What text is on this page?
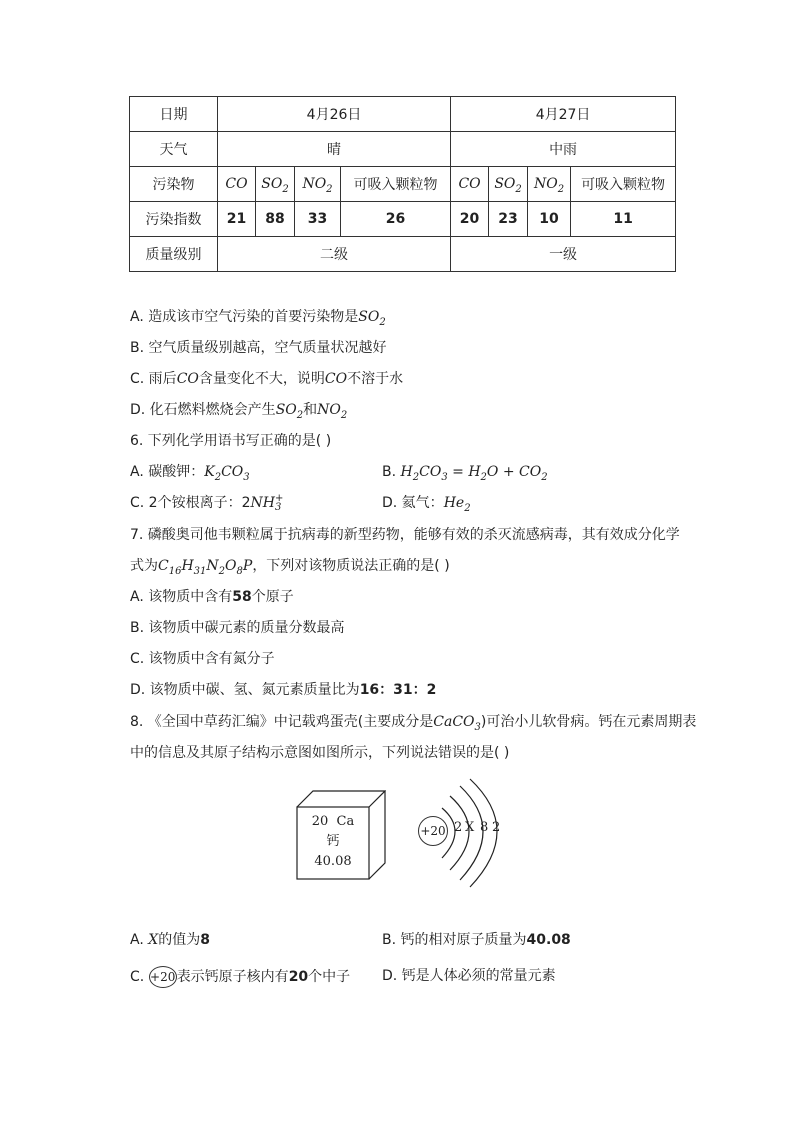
日期	4月26日				4月27日			
天气	晴				中雨			
污染物	CO	$SO_2$	$NO_2$	可吸入颗粒物	CO	$SO_2$	$NO_2$	可吸入颗粒物
污染指数	21	88	33	26	20	23	10	11
质量级别	二级				一级			
A. 造成该市空气污染的首要污染物是$SO_2$
B. 空气质量级别越高，空气质量状况越好
C. 雨后CO含量变化不大，说明CO不溶于水
D. 化石燃料燃烧会产生$SO_2$和$NO_2$
6. 下列化学用语书写正确的是( )
A. 碳酸钾：$K_2CO_3$	B. $H_2CO_3 = H_2O + CO_2$
C. 2个铵根离子：2NH +
3	D. 氦气：$He_2$
7. 磷酸奥司他韦颗粒属于抗病毒的新型药物，能够有效的杀灭流感病毒，其有效成分化学
式为$C_{16}H_{31}N_2O_8P$，下列对该物质说法正确的是( )
A. 该物质中含有58个原子
B. 该物质中碳元素的质量分数最高
C. 该物质中含有氮分子
D. 该物质中碳、氢、氮元素质量比为16：31：2
8. 《全国中草药汇编》中记载鸡蛋壳(主要成分是CaCO$_3$)可治小儿软骨病。钙在元素周期表
中的信息及其原子结构示意图如图所示，下列说法错误的是( )
20 Ca
钙
40.08
+20 2 X 8 2
A. X的值为8	B. 钙的相对原子质量为40.08
C. +20表示钙原子核内有20个中子 D. 钙是人体必须的常量元素
